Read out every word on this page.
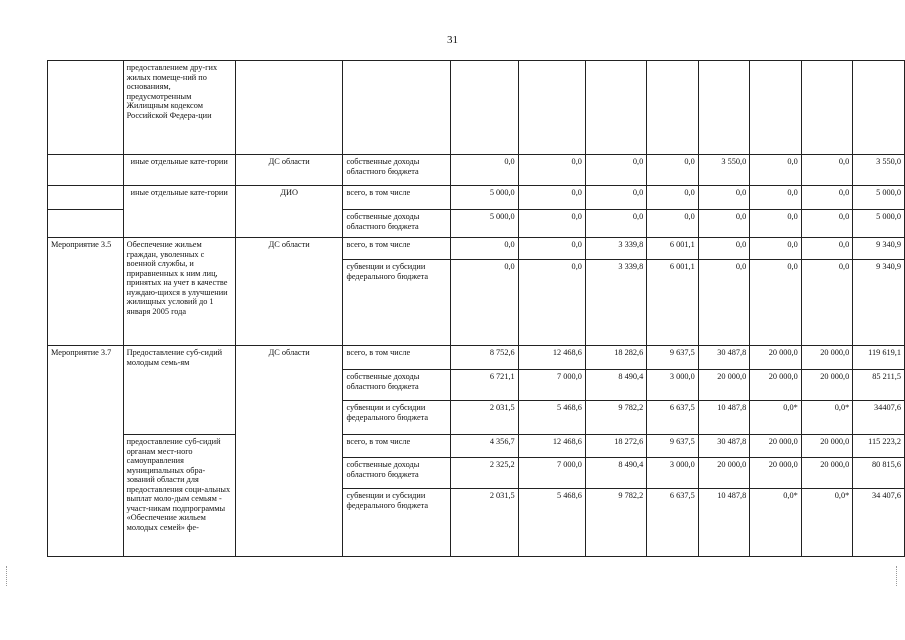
31
	предоставлением дру-гих жилых помеще-ний по основаниям, предусмотренным Жилищным кодексом Российской Федера-ции										
	иные отдельные кате-гории	ДС области	собственные доходы областного бюджета	0,0	0,0	0,0	0,0	3 550,0	0,0	0,0	3 550,0
	иные отдельные кате-гории	ДИО	всего, в том числе	5 000,0	0,0	0,0	0,0	0,0	0,0	0,0	5 000,0
			собственные доходы областного бюджета	5 000,0	0,0	0,0	0,0	0,0	0,0	0,0	5 000,0
Мероприятие 3.5	Обеспечение жильем граждан, уволенных с военной службы, и приравненных к ним лиц, принятых на учет в качестве нуждаю-щихся в улучшении жилищных условий до 1 января 2005 года	ДС области	всего, в том числе	0,0	0,0	3 339,8	6 001,1	0,0	0,0	0,0	9 340,9
			субвенции и субсидии федерального бюджета	0,0	0,0	3 339,8	6 001,1	0,0	0,0	0,0	9 340,9
Мероприятие 3.7	Предоставление суб-сидий молодым семь-ям	ДС области	всего, в том числе	8 752,6	12 468,6	18 282,6	9 637,5	30 487,8	20 000,0	20 000,0	119 619,1
			собственные доходы областного бюджета	6 721,1	7 000,0	8 490,4	3 000,0	20 000,0	20 000,0	20 000,0	85 211,5
			субвенции и субсидии федерального бюджета	2 031,5	5 468,6	9 782,2	6 637,5	10 487,8	0,0*	0,0*	34407,6
	предоставление суб-сидий органам мест-ного самоуправления муниципальных обра-зований области для предоставления соци-альных выплат моло-дым семьям - участ-никам подпрограммы «Обеспечение жильем молодых семей» фе-		всего, в том числе	4 356,7	12 468,6	18 272,6	9 637,5	30 487,8	20 000,0	20 000,0	115 223,2
			собственные доходы областного бюджета	2 325,2	7 000,0	8 490,4	3 000,0	20 000,0	20 000,0	20 000,0	80 815,6
			субвенции и субсидии федерального бюджета	2 031,5	5 468,6	9 782,2	6 637,5	10 487,8	0,0*	0,0*	34 407,6
